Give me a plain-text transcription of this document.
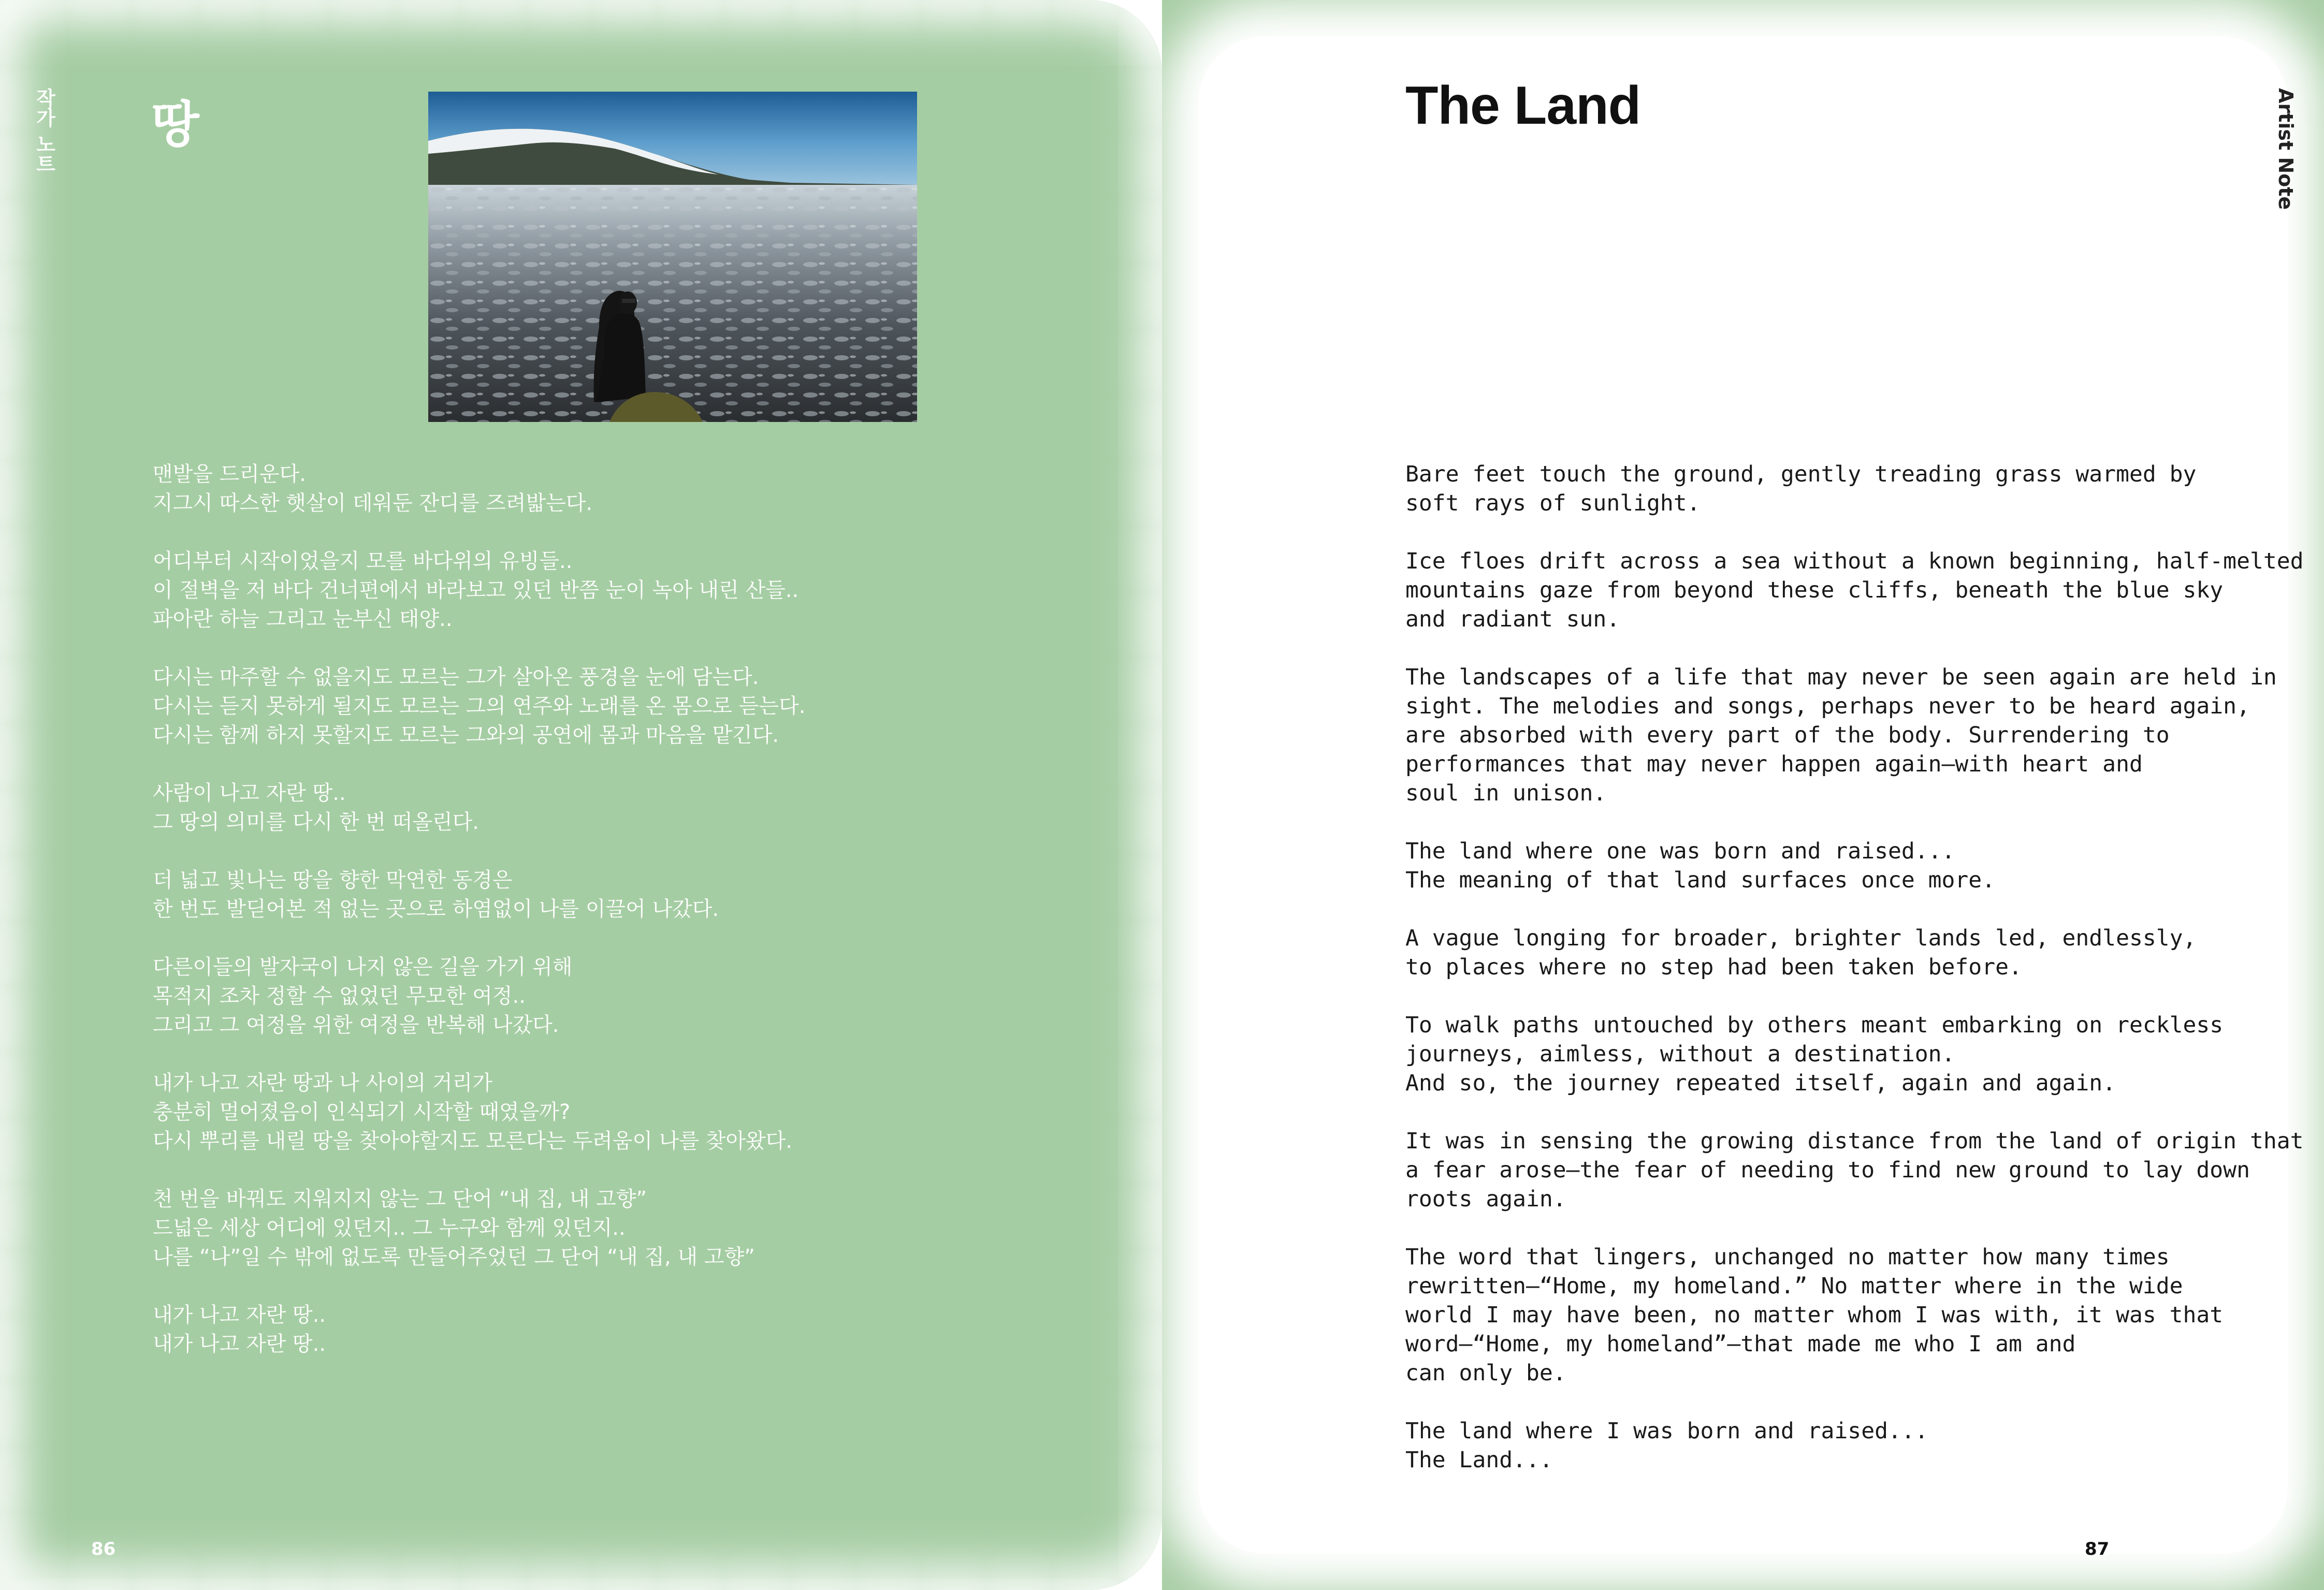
작가 노트 땅
맨발을 드리운다.
지그시 따스한 햇살이 데워둔 잔디를 즈려밟는다.
어디부터 시작이었을지 모를 바다위의 유빙들..
이 절벽을 저 바다 건너편에서 바라보고 있던 반쯤 눈이 녹아 내린 산들..
파아란 하늘 그리고 눈부신 태양..
다시는 마주할 수 없을지도 모르는 그가 살아온 풍경을 눈에 담는다.
다시는 듣지 못하게 될지도 모르는 그의 연주와 노래를 온 몸으로 듣는다.
다시는 함께 하지 못할지도 모르는 그와의 공연에 몸과 마음을 맡긴다.
사람이 나고 자란 땅..
그 땅의 의미를 다시 한 번 떠올린다.
더 넓고 빛나는 땅을 향한 막연한 동경은
한 번도 발딛어본 적 없는 곳으로 하염없이 나를 이끌어 나갔다.
다른이들의 발자국이 나지 않은 길을 가기 위해
목적지 조차 정할 수 없었던 무모한 여정..
그리고 그 여정을 위한 여정을 반복해 나갔다.
내가 나고 자란 땅과 나 사이의 거리가
충분히 멀어졌음이 인식되기 시작할 때였을까?
다시 뿌리를 내릴 땅을 찾아야할지도 모른다는 두려움이 나를 찾아왔다.
천 번을 바꿔도 지워지지 않는 그 단어 “내 집, 내 고향”
드넓은 세상 어디에 있던지.. 그 누구와 함께 있던지..
나를 “나”일 수 밖에 없도록 만들어주었던 그 단어 “내 집, 내 고향”
내가 나고 자란 땅..
내가 나고 자란 땅..
86
The Land	Artist Note
Bare feet touch the ground, gently treading grass warmed by
soft rays of sunlight.
Ice floes drift across a sea without a known beginning, half-melted
mountains gaze from beyond these cliffs, beneath the blue sky
and radiant sun.
The landscapes of a life that may never be seen again are held in
sight. The melodies and songs, perhaps never to be heard again,
are absorbed with every part of the body. Surrendering to
performances that may never happen again—with heart and
soul in unison.
The land where one was born and raised...
The meaning of that land surfaces once more.
A vague longing for broader, brighter lands led, endlessly,
to places where no step had been taken before.
To walk paths untouched by others meant embarking on reckless
journeys, aimless, without a destination.
And so, the journey repeated itself, again and again.
It was in sensing the growing distance from the land of origin that
a fear arose—the fear of needing to find new ground to lay down
roots again.
The word that lingers, unchanged no matter how many times
rewritten—“Home, my homeland.” No matter where in the wide
world I may have been, no matter whom I was with, it was that
word—“Home, my homeland”—that made me who I am and
can only be.
The land where I was born and raised...
The Land...
87
